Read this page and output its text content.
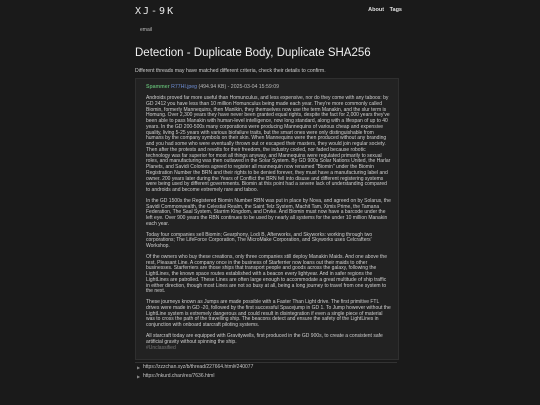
XJ-9K	About Tags
email
Detection - Duplicate Body, Duplicate SHA256
Different threads may have matched different criteria, check their details to confirm.
Spammer R77HI.jpeg (494.94 KB) - 2025-03-04 15:59:09

Androids proved far more useful than Homunculus, and less expensive, nor do they come with any taboos: by GD 2412 you have less than 10 million Homunculus being made each year. They're more commonly called Biomin, formerly Mannequins, then Manikin, they themselves now use the term Manakin, and the slur term is Homung. Over 2,300 years they have never been granted equal rights, despite the fact for 2,000 years they've been able to pass Manakin with human-level intelligence, now long standard, along with a lifespan of up to 40 years. In the GD 200-500s many corporations were producing Mannequins of various cheap and expensive quality, living 5-25 years with various biofailure traits, but the smart ones were only distinguishable from humans by the company symbols on their skin. When Mannequins were then produced without any branding and you had some who were eventually thrown out or escaped their masters, they would join regular society. Then after the protests and revolts for their freedom, the industry cooled, nor faded because robotic technology was far superior for most all things anyway, and Mannequins were regulated primarily to sexual roles, and manufacturing was then outlawed in the Solar System. By GD 900s Solar Nations United, the Harlar Planets, and Savidi Colonies agreed to register all mannequin now renamed "Biomin" under the Biomin Registration Number the BRN and their rights to be denied forever, they must have a manufacturing label and owner. 200 years later during the Years of Conflict the BRN fell into disuse and different registering systems were being used by different governments. Biomin at this point had a severe lack of understanding compared to androids and become extremely rare and taboo.

In the GD 1500s the Registered Biomin Number RBN was put in place by Nova, and agreed on by Solarus, the Savidi Commonwealth, the Celestial Realm, the Saint Telz System, Machit Tam, Ximis Prime, the Tamana Federation, The Saal System, Starrim Kingdom, and Drvke. And Biomin must now have a barcode under the left eye. Over 900 years the RBN continues to be used by nearly all systems for the under 10 million Manakin each year.

Today four companies sell Biomin; Gearphony, Lodi B, Afterworks, and Skyworks: working through two corporations; The LifeForce Corporation, The MicroMake Corporation, and Skyworks uses Celcrafters' Workshop.

Of the owners who buy these creations, only three companies still deploy Manakin Maids. And one above the rest, Pleasant Line. A company once in the business of Starferrier now loans out their maids to other businesses. Starferriers are those ships that transport people and goods across the galaxy, following the LightLines, the known space routes established with a beacon every lightyear. And in safer regions the LightLines are patrolled. These Lines are often large enough to accommodate a great multitude of ship traffic in either direction, though most Lines are not so busy at all, being a long journey to travel from one system to the next.

These journeys known as Jumps are made possible with a Faster Than Light drive. The first primitive FTL drives were made in GD -20, followed by the first successful Spacejump in GD 1. To Jump however without the LightLine system is extremely dangerous and could result in disintegration if even a single piece of material was to cross the path of the travelling ship. The beacons detect and ensure the safety of the LightLines in conjunction with onboard starcraft piloting systems.

All starcraft today are equipped with Gravitywells, first produced in the GD 900s, to create a consistent safe artificial gravity without spinning the ship.

#Unclassified
▶ https://zzzchan.xyz/b/thread/227664.html#240077
▶ https://nkurd.chan/res/7636.html
